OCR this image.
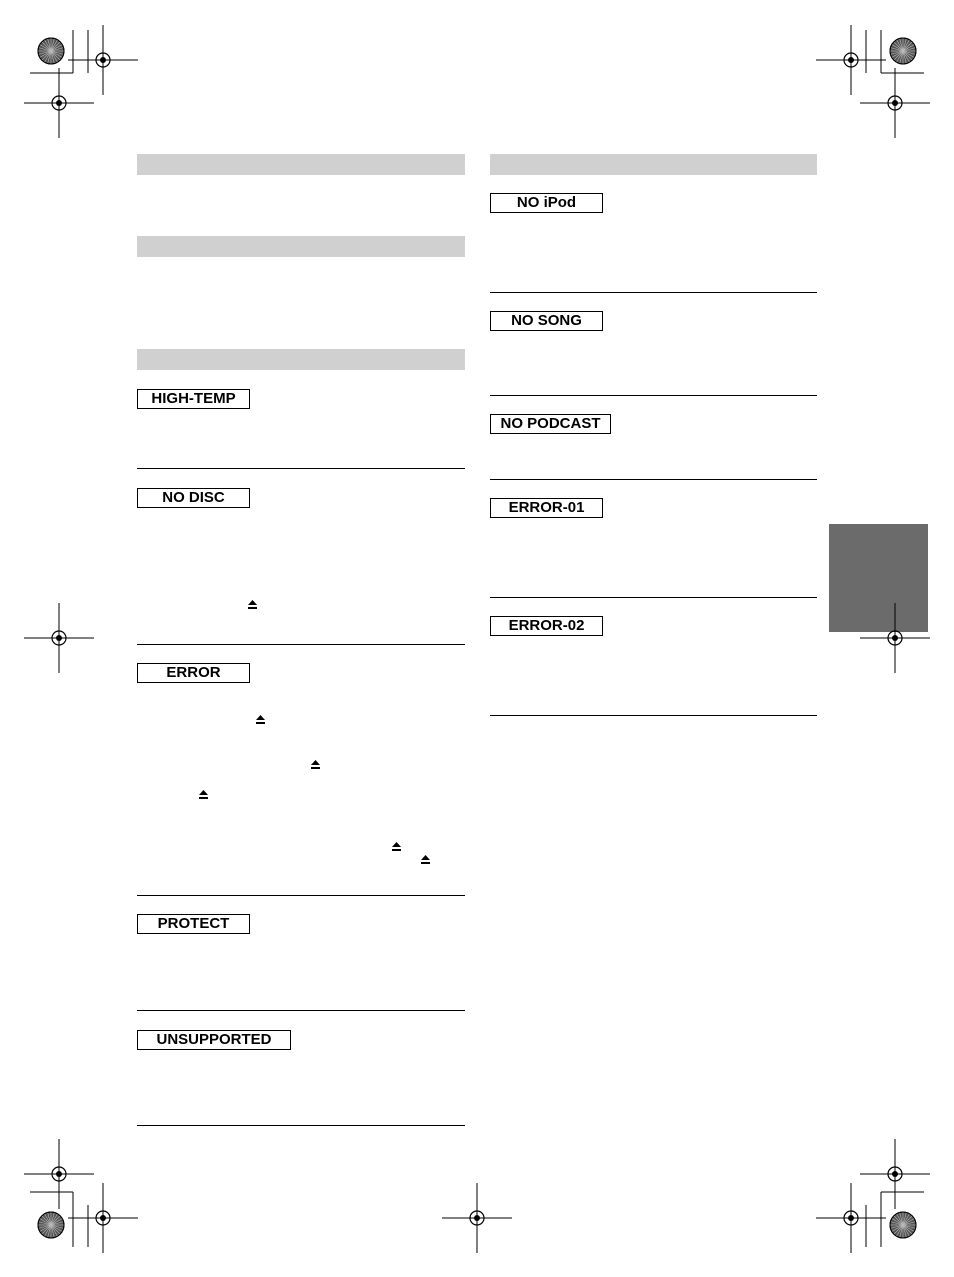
HIGH-TEMP
NO DISC
ERROR
PROTECT
UNSUPPORTED
NO iPod
NO SONG
NO PODCAST
ERROR-01
ERROR-02
